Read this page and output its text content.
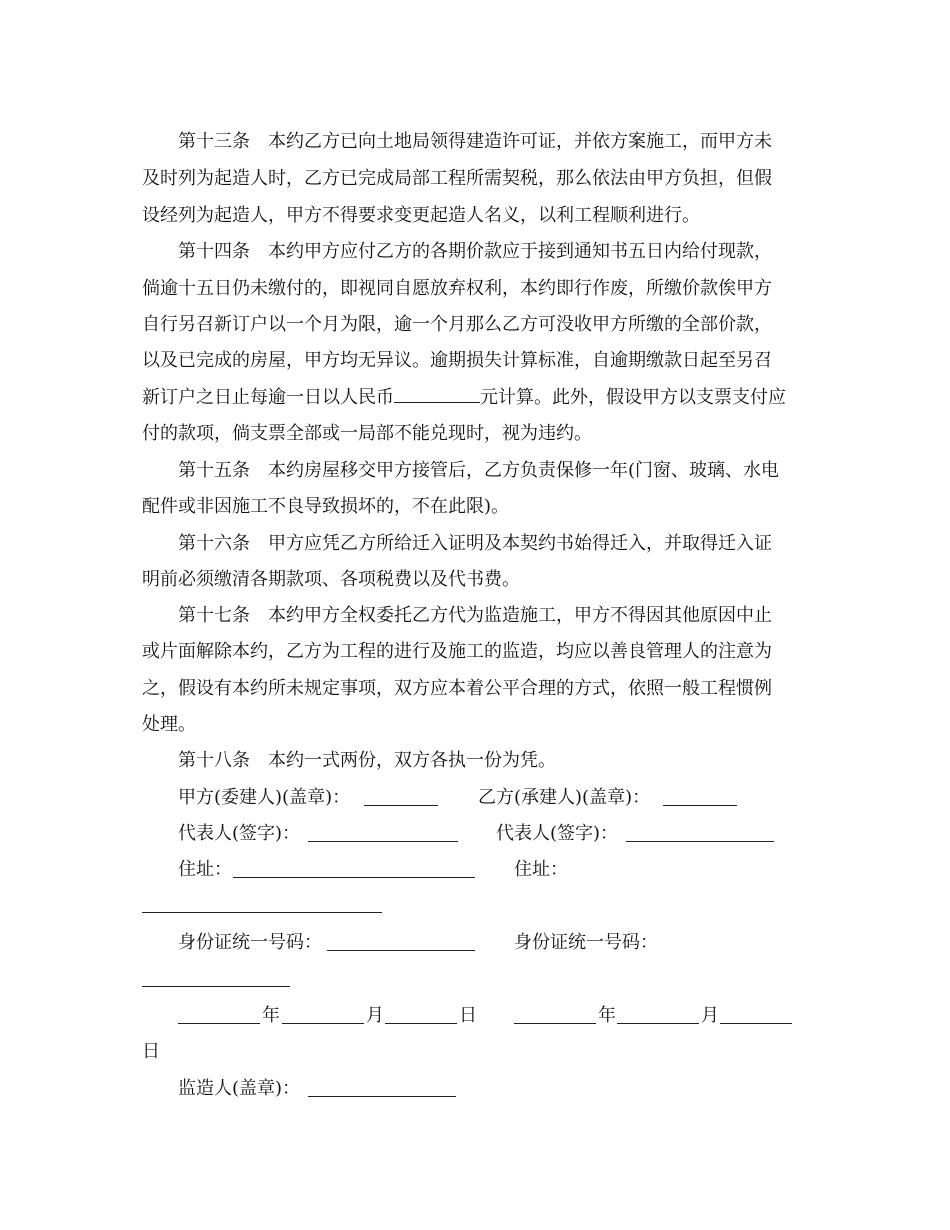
第十三条　本约乙方已向土地局领得建造许可证，并依方案施工，而甲方未
及时列为起造人时，乙方已完成局部工程所需契税，那么依法由甲方负担，但假
设经列为起造人，甲方不得要求变更起造人名义，以利工程顺利进行。
第十四条　本约甲方应付乙方的各期价款应于接到通知书五日内给付现款，
倘逾十五日仍未缴付的，即视同自愿放弃权利，本约即行作废，所缴价款俟甲方
自行另召新订户以一个月为限，逾一个月那么乙方可没收甲方所缴的全部价款，
以及已完成的房屋，甲方均无异议。逾期损失计算标准，自逾期缴款日起至另召
新订户之日止每逾一日以人民币	元计算。此外，假设甲方以支票支付应
付的款项，倘支票全部或一局部不能兑现时，视为违约。
第十五条　本约房屋移交甲方接管后，乙方负责保修一年(门窗、玻璃、水电
配件或非因施工不良导致损坏的，不在此限)。
第十六条　甲方应凭乙方所给迁入证明及本契约书始得迁入，并取得迁入证
明前必须缴清各期款项、各项税费以及代书费。
第十七条　本约甲方全权委托乙方代为监造施工，甲方不得因其他原因中止
或片面解除本约，乙方为工程的进行及施工的监造，均应以善良管理人的注意为
之，假设有本约所未规定事项，双方应本着公平合理的方式，依照一般工程惯例
处理。
第十八条　本约一式两份，双方各执一份为凭。
甲方(委建人)(盖章)：	乙方(承建人)(盖章)：
代表人(签字)：	代表人(签字)：
住址：	住址：
身份证统一号码：	身份证统一号码：
年	月	日	年	月
日
监造人(盖章)：
